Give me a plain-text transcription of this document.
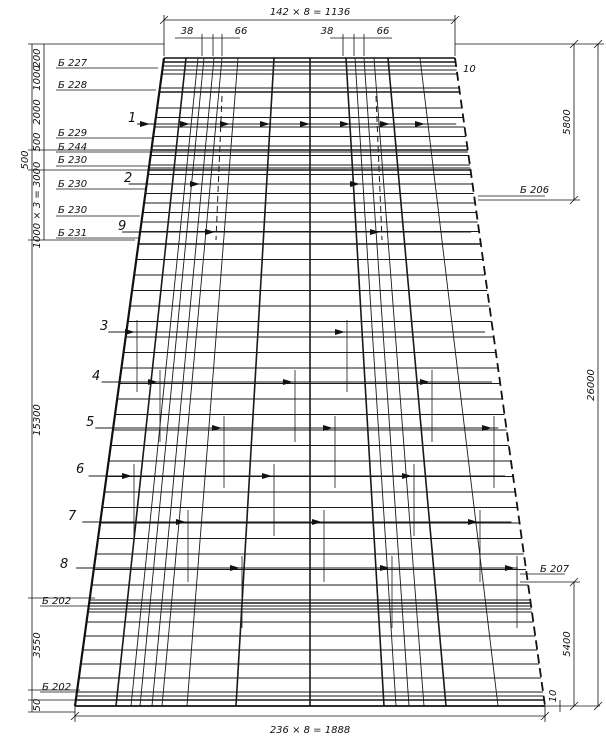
142 × 8 = 1136
38	66	38	66
10
236 × 8 = 1888
10
5800
26000
5400
1000
200
2000
500
500
1000 × 3 = 3000
15300
3550
50
Б 227
Б 228
Б 229
Б 244
Б 230
Б 230
Б 230
Б 231
Б 202
Б 202
Б 206
Б 207
1
2
9
3
4
5
6
7
8
